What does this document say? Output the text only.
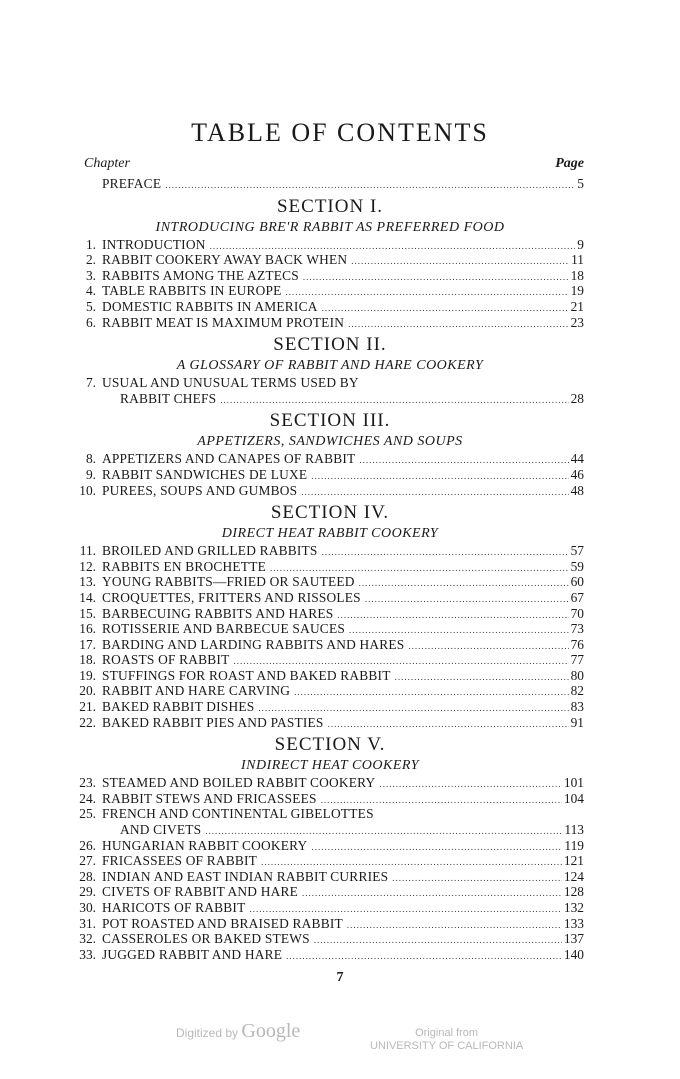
TABLE OF CONTENTS
Chapter	Page
PREFACE .....	5
SECTION I.
INTRODUCING BRE'R RABBIT AS PREFERRED FOOD
1. INTRODUCTION .....	9
2. RABBIT COOKERY AWAY BACK WHEN .....	11
3. RABBITS AMONG THE AZTECS .....	18
4. TABLE RABBITS IN EUROPE .....	19
5. DOMESTIC RABBITS IN AMERICA .....	21
6. RABBIT MEAT IS MAXIMUM PROTEIN .....	23
SECTION II.
A GLOSSARY OF RABBIT AND HARE COOKERY
7. USUAL AND UNUSUAL TERMS USED BY
RABBIT CHEFS .....	28
SECTION III.
APPETIZERS, SANDWICHES AND SOUPS
8. APPETIZERS AND CANAPES OF RABBIT .....	44
9. RABBIT SANDWICHES DE LUXE .....	46
10. PUREES, SOUPS AND GUMBOS .....	48
SECTION IV.
DIRECT HEAT RABBIT COOKERY
11. BROILED AND GRILLED RABBITS .....	57
12. RABBITS EN BROCHETTE .....	59
13. YOUNG RABBITS—FRIED OR SAUTEED .....	60
14. CROQUETTES, FRITTERS AND RISSOLES .....	67
15. BARBECUING RABBITS AND HARES .....	70
16. ROTISSERIE AND BARBECUE SAUCES .....	73
17. BARDING AND LARDING RABBITS AND HARES .....	76
18. ROASTS OF RABBIT .....	77
19. STUFFINGS FOR ROAST AND BAKED RABBIT .....	80
20. RABBIT AND HARE CARVING .....	82
21. BAKED RABBIT DISHES .....	83
22. BAKED RABBIT PIES AND PASTIES .....	91
SECTION V.
INDIRECT HEAT COOKERY
23. STEAMED AND BOILED RABBIT COOKERY .....	101
24. RABBIT STEWS AND FRICASSEES .....	104
25. FRENCH AND CONTINENTAL GIBELOTTES
AND CIVETS .....	113
26. HUNGARIAN RABBIT COOKERY .....	119
27. FRICASSEES OF RABBIT .....	121
28. INDIAN AND EAST INDIAN RABBIT CURRIES .....	124
29. CIVETS OF RABBIT AND HARE .....	128
30. HARICOTS OF RABBIT .....	132
31. POT ROASTED AND BRAISED RABBIT .....	133
32. CASSEROLES OR BAKED STEWS .....	137
33. JUGGED RABBIT AND HARE .....	140
7
Digitized by Google	Original from
UNIVERSITY OF CALIFORNIA
